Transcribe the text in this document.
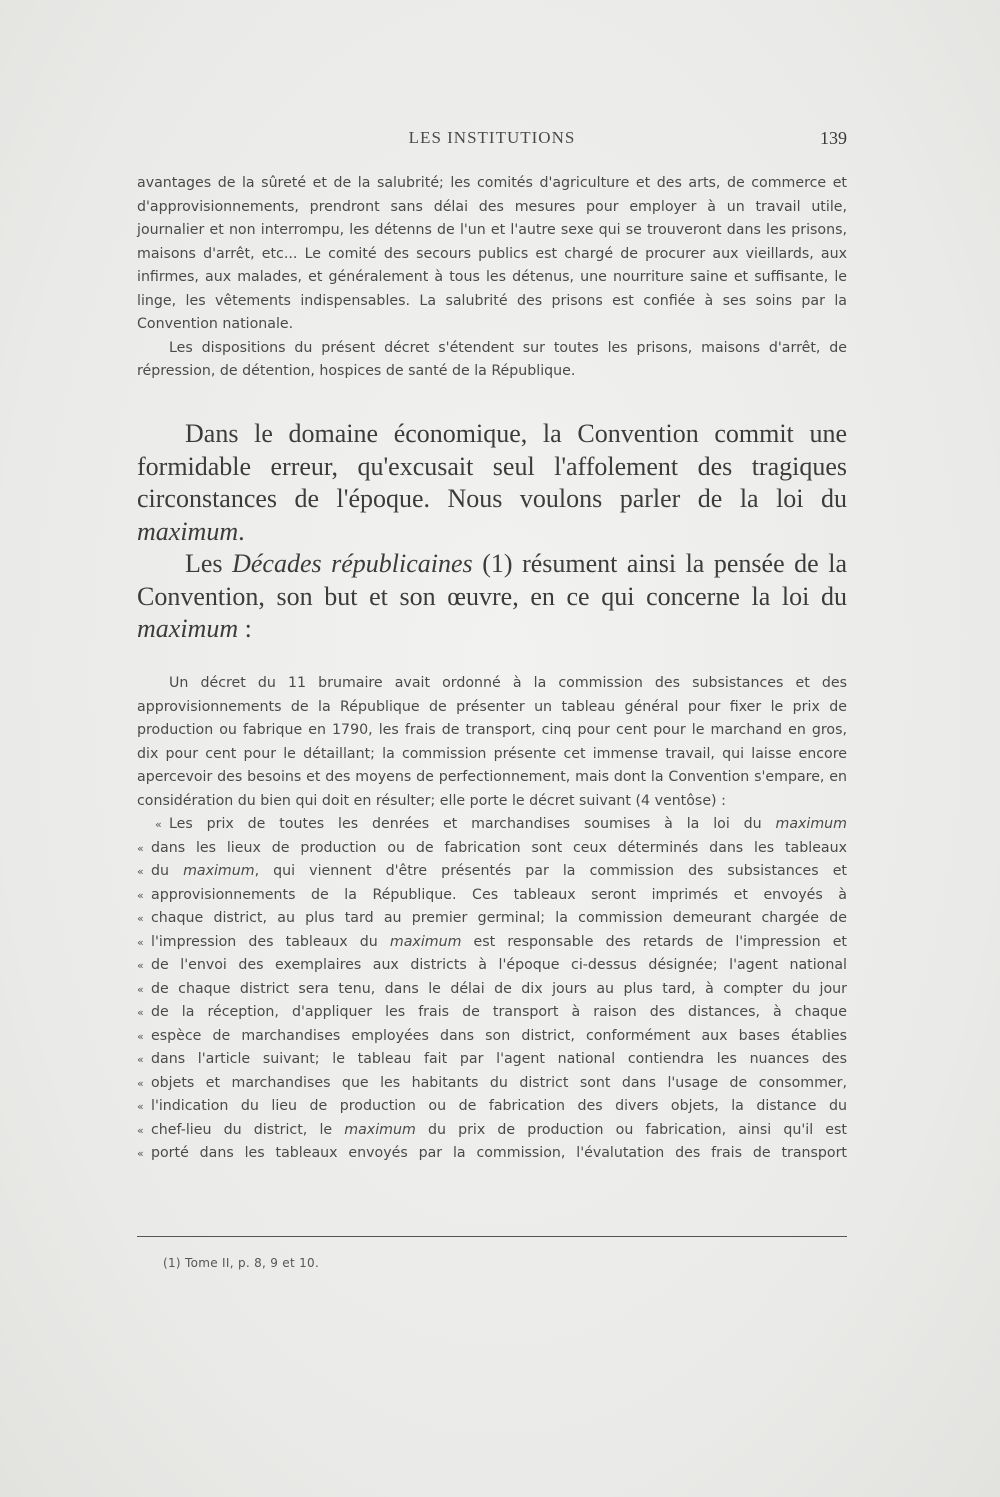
LES INSTITUTIONS	139

avantages de la sûreté et de la salubrité; les comités d'agriculture et des arts, de commerce et d'approvisionnements, prendront sans délai des mesures pour employer à un travail utile, journalier et non interrompu, les détenns de l'un et l'autre sexe qui se trouveront dans les prisons, maisons d'arrêt, etc... Le comité des secours publics est chargé de procurer aux vieillards, aux infirmes, aux malades, et généralement à tous les détenus, une nourriture saine et suffisante, le linge, les vêtements indispensables. La salubrité des prisons est confiée à ses soins par la Convention nationale.

Les dispositions du présent décret s'étendent sur toutes les prisons, maisons d'arrêt, de répression, de détention, hospices de santé de la République.

Dans le domaine économique, la Convention commit une formidable erreur, qu'excusait seul l'affolement des tragiques circonstances de l'époque. Nous voulons parler de la loi du maximum.

Les Décades républicaines (1) résument ainsi la pensée de la Convention, son but et son œuvre, en ce qui concerne la loi du maximum :

Un décret du 11 brumaire avait ordonné à la commission des subsistances et des approvisionnements de la République de présenter un tableau général pour fixer le prix de production ou fabrique en 1790, les frais de transport, cinq pour cent pour le marchand en gros, dix pour cent pour le détaillant; la commission présente cet immense travail, qui laisse encore apercevoir des besoins et des moyens de perfectionnement, mais dont la Convention s'empare, en considération du bien qui doit en résulter; elle porte le décret suivant (4 ventôse) :

« Les prix de toutes les denrées et marchandises soumises à la loi du maximum
« dans les lieux de production ou de fabrication sont ceux déterminés dans les tableaux
« du maximum, qui viennent d'être présentés par la commission des subsistances et
« approvisionnements de la République. Ces tableaux seront imprimés et envoyés à
« chaque district, au plus tard au premier germinal; la commission demeurant chargée de
« l'impression des tableaux du maximum est responsable des retards de l'impression et
« de l'envoi des exemplaires aux districts à l'époque ci-dessus désignée; l'agent national
« de chaque district sera tenu, dans le délai de dix jours au plus tard, à compter du jour
« de la réception, d'appliquer les frais de transport à raison des distances, à chaque
« espèce de marchandises employées dans son district, conformément aux bases établies
« dans l'article suivant; le tableau fait par l'agent national contiendra les nuances des
« objets et marchandises que les habitants du district sont dans l'usage de consommer,
« l'indication du lieu de production ou de fabrication des divers objets, la distance du
« chef-lieu du district, le maximum du prix de production ou fabrication, ainsi qu'il est
« porté dans les tableaux envoyés par la commission, l'évalutation des frais de transport
(1) Tome II, p. 8, 9 et 10.
